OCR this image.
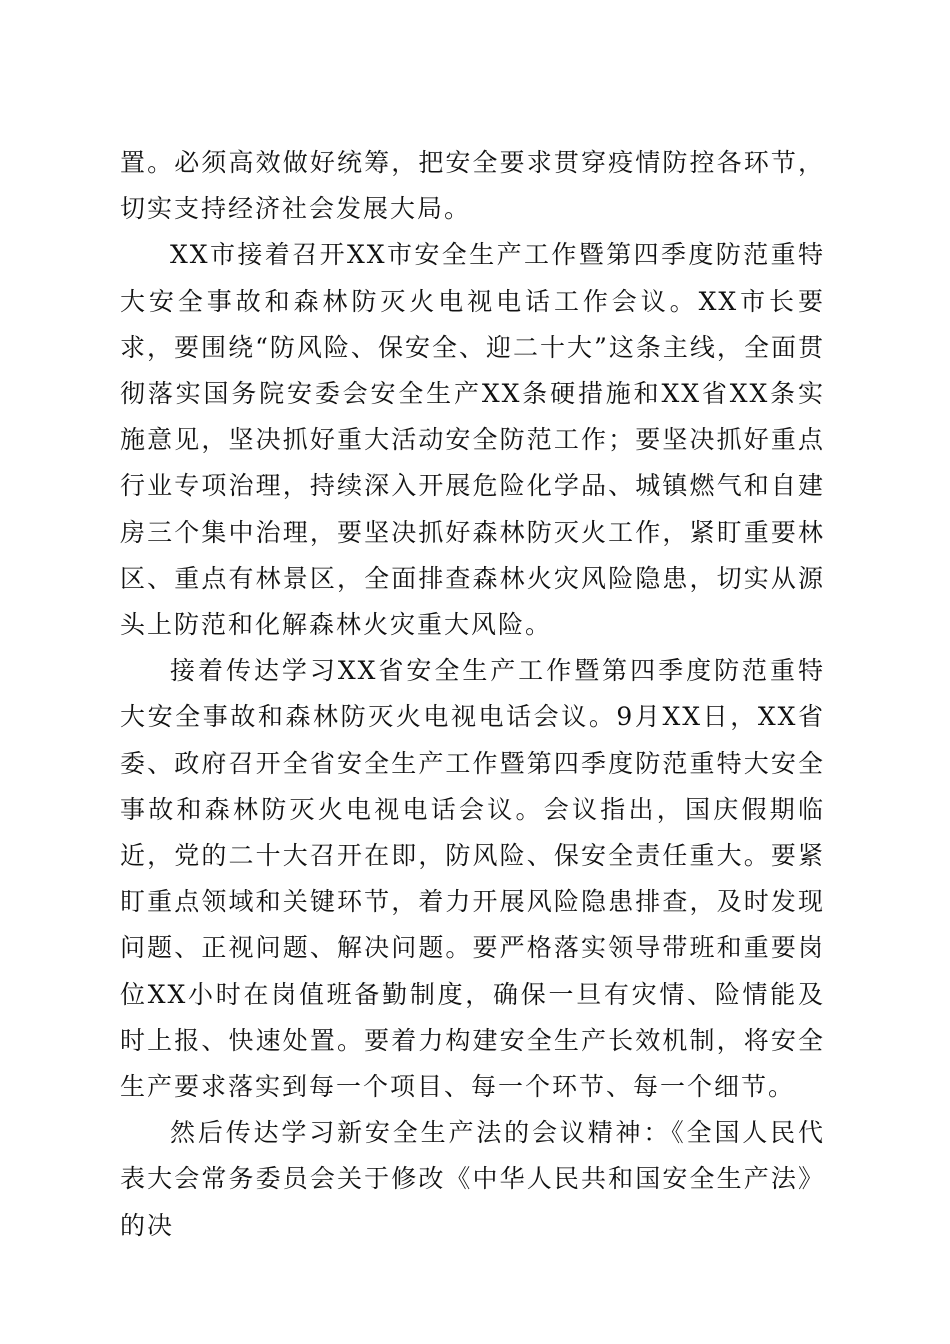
置。必须高效做好统筹，把安全要求贯穿疫情防控各环节，切实支持经济社会发展大局。

XX市接着召开XX市安全生产工作暨第四季度防范重特大安全事故和森林防灭火电视电话工作会议。XX市长要求，要围绕“防风险、保安全、迎二十大”这条主线，全面贯彻落实国务院安委会安全生产XX条硬措施和XX省XX条实施意见，坚决抓好重大活动安全防范工作；要坚决抓好重点行业专项治理，持续深入开展危险化学品、城镇燃气和自建房三个集中治理，要坚决抓好森林防灭火工作，紧盯重要林区、重点有林景区，全面排查森林火灾风险隐患，切实从源头上防范和化解森林火灾重大风险。

接着传达学习XX省安全生产工作暨第四季度防范重特大安全事故和森林防灭火电视电话会议。9月XX日，XX省委、政府召开全省安全生产工作暨第四季度防范重特大安全事故和森林防灭火电视电话会议。会议指出，国庆假期临近，党的二十大召开在即，防风险、保安全责任重大。要紧盯重点领域和关键环节，着力开展风险隐患排查，及时发现问题、正视问题、解决问题。要严格落实领导带班和重要岗位XX小时在岗值班备勤制度，确保一旦有灾情、险情能及时上报、快速处置。要着力构建安全生产长效机制，将安全生产要求落实到每一个项目、每一个环节、每一个细节。

然后传达学习新安全生产法的会议精神：《全国人民代表大会常务委员会关于修改《中华人民共和国安全生产法》的决
